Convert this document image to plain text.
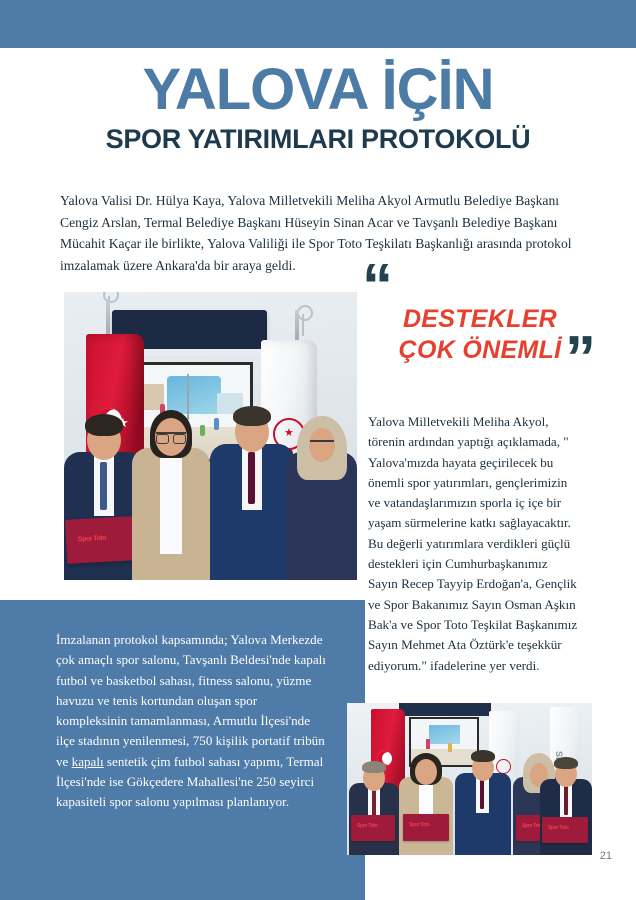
YALOVA İÇİN
SPOR YATIRIMLARI PROTOKOLÜ

Yalova Valisi Dr. Hülya Kaya, Yalova Milletvekili Meliha Akyol Armutlu Belediye Başkanı Cengiz Arslan, Termal Belediye Başkanı Hüseyin Sinan Acar ve Tavşanlı Belediye Başkanı Mücahit Kaçar ile birlikte, Yalova Valiliği ile Spor Toto Teşkilatı Başkanlığı arasında protokol imzalamak üzere Ankara'da bir araya geldi.	“ DESTEKLER
ÇOK ÖNEMLİ ”

Yalova Milletvekili Meliha Akyol, törenin ardından yaptığı açıklamada, " Yalova'mızda hayata geçirilecek bu önemli spor yatırımları, gençlerimizin ve vatandaşlarımızın sporla iç içe bir yaşam sürmelerine katkı sağlayacaktır. Bu değerli yatırımlara verdikleri güçlü destekleri için Cumhurbaşkanımız Sayın Recep Tayyip Erdoğan'a, Gençlik ve Spor Bakanımız Sayın Osman Aşkın Bak'a ve Spor Toto Teşkilat Başkanımız Sayın Mehmet Ata Öztürk'e teşekkür ediyorum." ifadelerine yer verdi.

İmzalanan protokol kapsamında; Yalova Merkezde çok amaçlı spor salonu, Tavşanlı Beldesi'nde kapalı futbol ve basketbol sahası, fitness salonu, yüzme havuzu ve tenis kortundan oluşan spor kompleksinin tamamlanması, Armutlu İlçesi'nde ilçe stadının yenilenmesi, 750 kişilik portatif tribün ve kapalı sentetik çim futbol sahası yapımı, Termal İlçesi'nde ise Gökçedere Mahallesi'ne 250 seyirci kapasiteli spor salonu yapılması planlanıyor.

★
Spor Toto
SPOR
Spor Toto
Spor Toto
Spor Toto
Spor Toto
21
